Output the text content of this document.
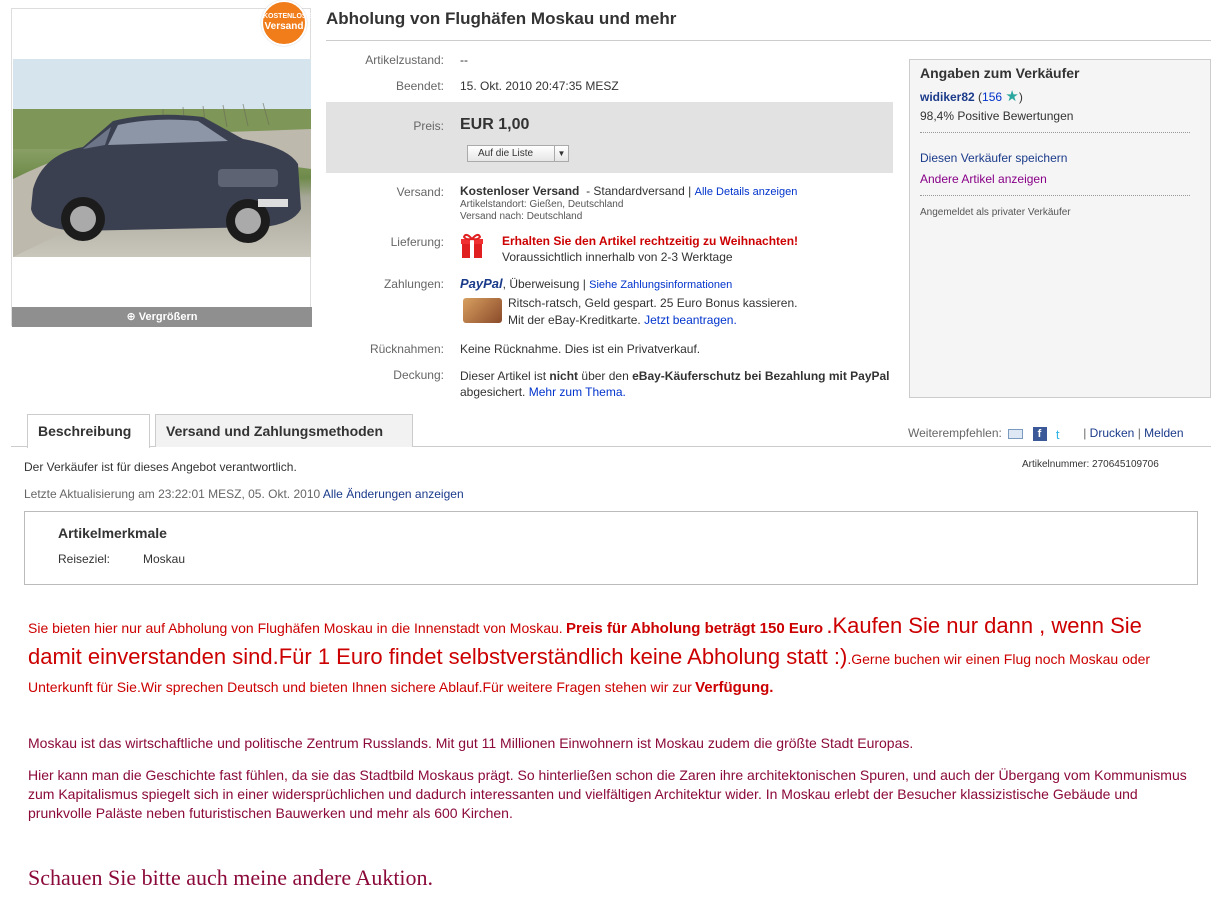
⊕ Vergrößern
KOSTENLOSER
Versand Abholung von Flughäfen Moskau und mehr
Artikelzustand: --
Beendet: 15. Okt. 2010 20:47:35 MESZ
Preis: EUR 1,00
Auf die Liste	▼
Versand: Kostenloser Versand - Standardversand | Alle Details anzeigen
Artikelstandort: Gießen, Deutschland
Versand nach: Deutschland
Lieferung:	Erhalten Sie den Artikel rechtzeitig zu Weihnachten!
Voraussichtlich innerhalb von 2-3 Werktage
Zahlungen: PayPal, Überweisung | Siehe Zahlungsinformationen
Ritsch-ratsch, Geld gespart. 25 Euro Bonus kassieren.
Mit der eBay-Kreditkarte. Jetzt beantragen.
Rücknahmen: Keine Rücknahme. Dies ist ein Privatverkauf.
Deckung: Dieser Artikel ist nicht über den eBay-Käuferschutz bei Bezahlung mit PayPal abgesichert. Mehr zum Thema.
Angaben zum Verkäufer
widiker82 (156 ★)
98,4% Positive Bewertungen
Diesen Verkäufer speichern
Andere Artikel anzeigen
Angemeldet als privater Verkäufer
Beschreibung	Versand und Zahlungsmethoden	Weiterempfehlen:	f t | Drucken | Melden
Der Verkäufer ist für dieses Angebot verantwortlich.	Artikelnummer: 270645109706
Letzte Aktualisierung am 23:22:01 MESZ, 05. Okt. 2010 Alle Änderungen anzeigen
Artikelmerkmale
Reiseziel:	Moskau
Sie bieten hier nur auf Abholung von Flughäfen Moskau in die Innenstadt von Moskau. Preis für Abholung beträgt 150 Euro .Kaufen Sie nur dann , wenn Sie damit einverstanden sind.Für 1 Euro findet selbstverständlich keine Abholung statt :).Gerne buchen wir einen Flug noch Moskau oder Unterkunft für Sie.Wir sprechen Deutsch und bieten Ihnen sichere Ablauf.Für weitere Fragen stehen wir zur Verfügung.
Moskau ist das wirtschaftliche und politische Zentrum Russlands. Mit gut 11 Millionen Einwohnern ist Moskau zudem die größte Stadt Europas.
Hier kann man die Geschichte fast fühlen, da sie das Stadtbild Moskaus prägt. So hinterließen schon die Zaren ihre architektonischen Spuren, und auch der Übergang vom Kommunismus zum Kapitalismus spiegelt sich in einer widersprüchlichen und dadurch interessanten und vielfältigen Architektur wider. In Moskau erlebt der Besucher klassizistische Gebäude und prunkvolle Paläste neben futuristischen Bauwerken und mehr als 600 Kirchen.
Schauen Sie bitte auch meine andere Auktion.
